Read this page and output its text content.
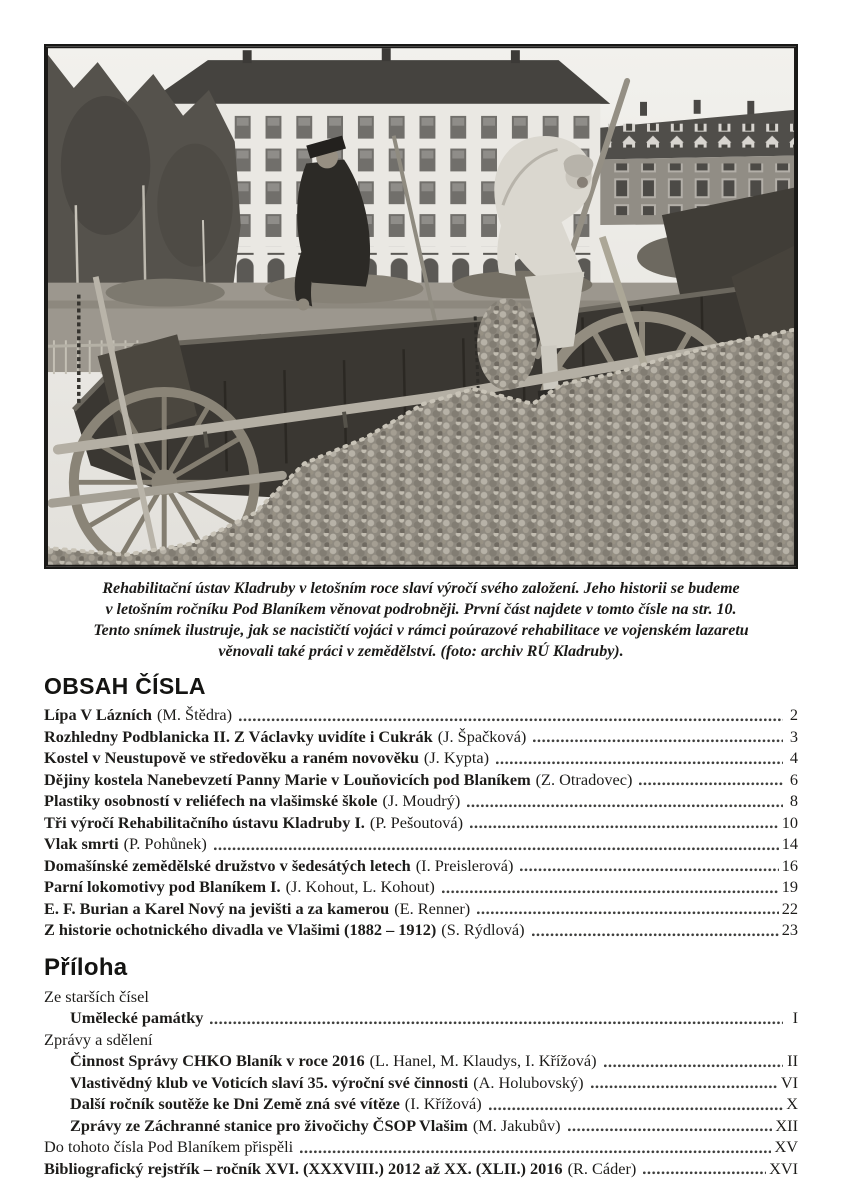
Rehabilitační ústav Kladruby v letošním roce slaví výročí svého založení. Jeho historii se budeme
v letošním ročníku Pod Blaníkem věnovat podrobněji. První část najdete v tomto čísle na str. 10.
Tento snímek ilustruje, jak se nacističtí vojáci v rámci poúrazové rehabilitace ve vojenském lazaretu
věnovali také práci v zemědělství. (foto: archiv RÚ Kladruby).
OBSAH ČÍSLA
Lípa V Lázních (M. Štědra)	2
Rozhledny Podblanicka II. Z Václavky uvidíte i Cukrák (J. Špačková)	3
Kostel v Neustupově ve středověku a raném novověku (J. Kypta)	4
Dějiny kostela Nanebevzetí Panny Marie v Louňovicích pod Blaníkem (Z. Otradovec)	6
Plastiky osobností v reliéfech na vlašimské škole (J. Moudrý)	8
Tři výročí Rehabilitačního ústavu Kladruby I. (P. Pešoutová)	10
Vlak smrti (P. Pohůnek)	14
Domašínské zemědělské družstvo v šedesátých letech (I. Preislerová)	16
Parní lokomotivy pod Blaníkem I. (J. Kohout, L. Kohout)	19
E. F. Burian a Karel Nový na jevišti a za kamerou (E. Renner)	22
Z historie ochotnického divadla ve Vlašimi (1882 – 1912) (S. Rýdlová)	23
Příloha
Ze starších čísel
Umělecké památky	I
Zprávy a sdělení
Činnost Správy CHKO Blaník v roce 2016 (L. Hanel, M. Klaudys, I. Křížová)	II
Vlastivědný klub ve Voticích slaví 35. výroční své činnosti (A. Holubovský)	VI
Další ročník soutěže ke Dni Země zná své vítěze (I. Křížová)	X
Zprávy ze Záchranné stanice pro živočichy ČSOP Vlašim (M. Jakubův)	XII
Do tohoto čísla Pod Blaníkem přispěli	XV
Bibliografický rejstřík – ročník XVI. (XXXVIII.) 2012 až XX. (XLII.) 2016 (R. Cáder)	XVI
